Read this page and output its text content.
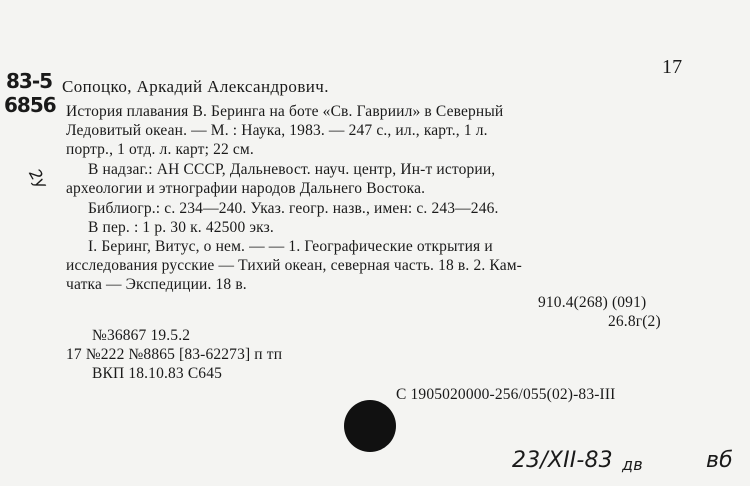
17
83-5
6856
Сопоцко, Аркадий Александрович.
История плавания В. Беринга на боте «Св. Гавриил» в Северный
Ледовитый океан. — М. : Наука, 1983. — 247 с., ил., карт., 1 л.
портр., 1 отд. л. карт; 22 см.
2у В надзаг.: АН СССР, Дальневост. науч. центр, Ин-т истории,
археологии и этнографии народов Дальнего Востока.
Библиогр.: с. 234—240. Указ. геогр. назв., имен: с. 243—246.
В пер. : 1 р. 30 к. 42500 экз.
I. Беринг, Витус, о нем. — — 1. Географические открытия и
исследования русские — Тихий океан, северная часть. 18 в. 2. Кам-
чатка — Экспедиции. 18 в.
910.4(268) (091)
26.8г(2)
№36867 19.5.2
17 №222 №8865 [83-62273] п тп
ВКП 18.10.83 С645
С 1905020000-256/055(02)-83-III
23/XII-83 дв	вб
